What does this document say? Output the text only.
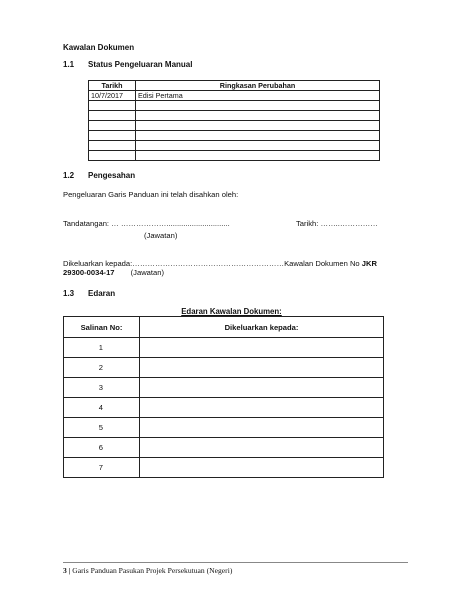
Kawalan Dokumen
1.1 Status Pengeluaran Manual
Tarikh	Ringkasan Perubahan
10/7/2017	Edisi Pertama

1.2 Pengesahan
Pengeluaran Garis Panduan ini telah disahkan oleh:
Tandatangan: … ………………..............................	Tarikh: ……..……………
(Jawatan)
Dikeluarkan kepada:……………………………………………………Kawalan Dokumen No JKR
29300-0034-17 (Jawatan)
1.3 Edaran
Edaran Kawalan Dokumen:
Salinan No:	Dikeluarkan kepada:
1	
2	
3	
4	
5	
6	
7	
3 | Garis Panduan Pasukan Projek Persekutuan (Negeri)
